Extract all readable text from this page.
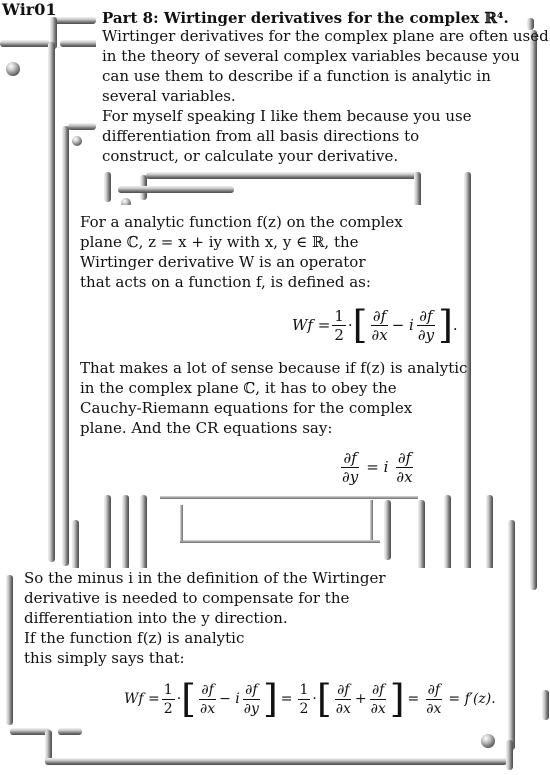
Wir01	Part 8: Wirtinger derivatives for the complex ℝ⁴.
Wirtinger derivatives for the complex plane are often used
in the theory of several complex variables because you
can use them to describe if a function is analytic in
several variables.
For myself speaking I like them because you use
differentiation from all basis directions to
construct, or calculate your derivative.
For a analytic function f(z) on the complex
plane ℂ, z = x + iy with x, y ∈ ℝ, the
Wirtinger derivative W is an operator
that acts on a function f, is defined as:
$Wf = \frac{1}{2}$ · [ $\frac{\partial f}{\partial x} - i \frac{\partial f}{\partial y}$ ] .
That makes a lot of sense because if f(z) is analytic
in the complex plane ℂ, it has to obey the
Cauchy-Riemann equations for the complex
plane. And the CR equations say:
$\frac{\partial f}{\partial y} = i \frac{\partial f}{\partial x}$
So the minus i in the definition of the Wirtinger
derivative is needed to compensate for the
differentiation into the y direction.
If the function f(z) is analytic
this simply says that:
$Wf = \frac{1}{2}$ · [ $\frac{\partial f}{\partial x} - i \frac{\partial f}{\partial y}$ ] = $\frac{1}{2}$ · [ $\frac{\partial f}{\partial x} + \frac{\partial f}{\partial x}$ ] = $\frac{\partial f}{\partial x} = f'(z)$.
